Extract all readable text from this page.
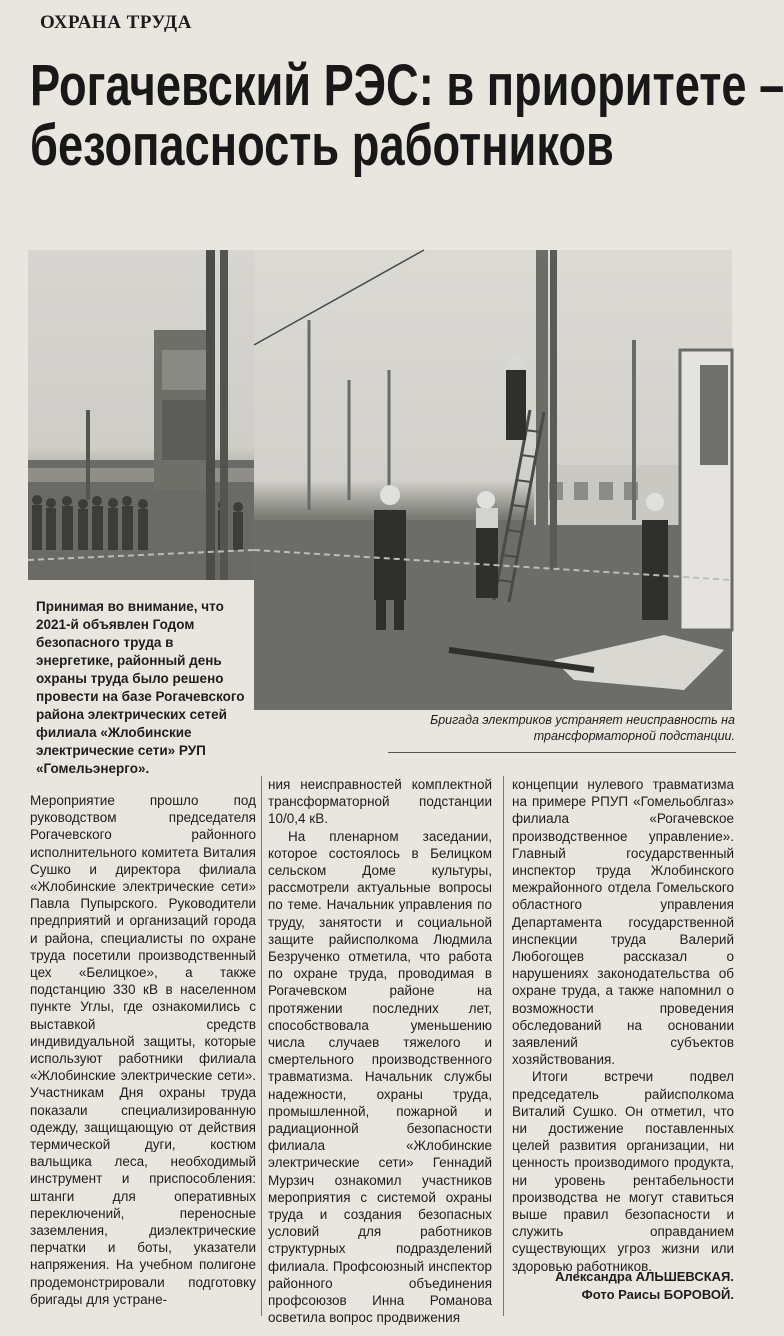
ОХРАНА ТРУДА
Рогачевский РЭС: в приоритете –
безопасность работников
Принимая во внимание, что 2021-й объявлен Годом безопасного труда в энергетике, районный день охраны труда было решено провести на базе Рогачевского района электрических сетей филиала «Жлобинские электрические сети» РУП «Гомельэнерго».
Бригада электриков устраняет неисправность на трансформаторной подстанции.

Мероприятие прошло под руководством председателя Рогачевского районного исполнительного комитета Виталия Сушко и директора филиала «Жлобинские электрические сети» Павла Пупырского. Руководители предприятий и организаций города и района, специалисты по охране труда посетили производственный цех «Белицкое», а также подстанцию 330 кВ в населенном пункте Углы, где ознакомились с выставкой средств индивидуальной защиты, которые используют работники филиала «Жлобинские электрические сети». Участникам Дня охраны труда показали специализированную одежду, защищающую от действия термической дуги, костюм вальщика леса, необходимый инструмент и приспособления: штанги для оперативных переключений, переносные заземления, диэлектрические перчатки и боты, указатели напряжения. На учебном полигоне продемонстрировали подготовку бригады для устране-

ния неисправностей комплектной трансформаторной подстанции 10/0,4 кВ.

На пленарном заседании, которое состоялось в Белицком сельском Доме культуры, рассмотрели актуальные вопросы по теме. Начальник управления по труду, занятости и социальной защите райисполкома Людмила Безрученко отметила, что работа по охране труда, проводимая в Рогачевском районе на протяжении последних лет, способствовала уменьшению числа случаев тяжелого и смертельного производственного травматизма. Начальник службы надежности, охраны труда, промышленной, пожарной и радиационной безопасности филиала «Жлобинские электрические сети» Геннадий Мурзич ознакомил участников мероприятия с системой охраны труда и создания безопасных условий для работников структурных подразделений филиала. Профсоюзный инспектор районного объединения профсоюзов Инна Романова осветила вопрос продвижения

концепции нулевого травматизма на примере РПУП «Гомельоблгаз» филиала «Рогачевское производственное управление». Главный государственный инспектор труда Жлобинского межрайонного отдела Гомельского областного управления Департамента государственной инспекции труда Валерий Любогощев рассказал о нарушениях законодательства об охране труда, а также напомнил о возможности проведения обследований на основании заявлений субъектов хозяйствования.

Итоги встречи подвел председатель райисполкома Виталий Сушко. Он отметил, что ни достижение поставленных целей развития организации, ни ценность производимого продукта, ни уровень рентабельности производства не могут ставиться выше правил безопасности и служить оправданием существующих угроз жизни или здоровью работников.

Александра АЛЬШЕВСКАЯ.
Фото Раисы БОРОВОЙ.
